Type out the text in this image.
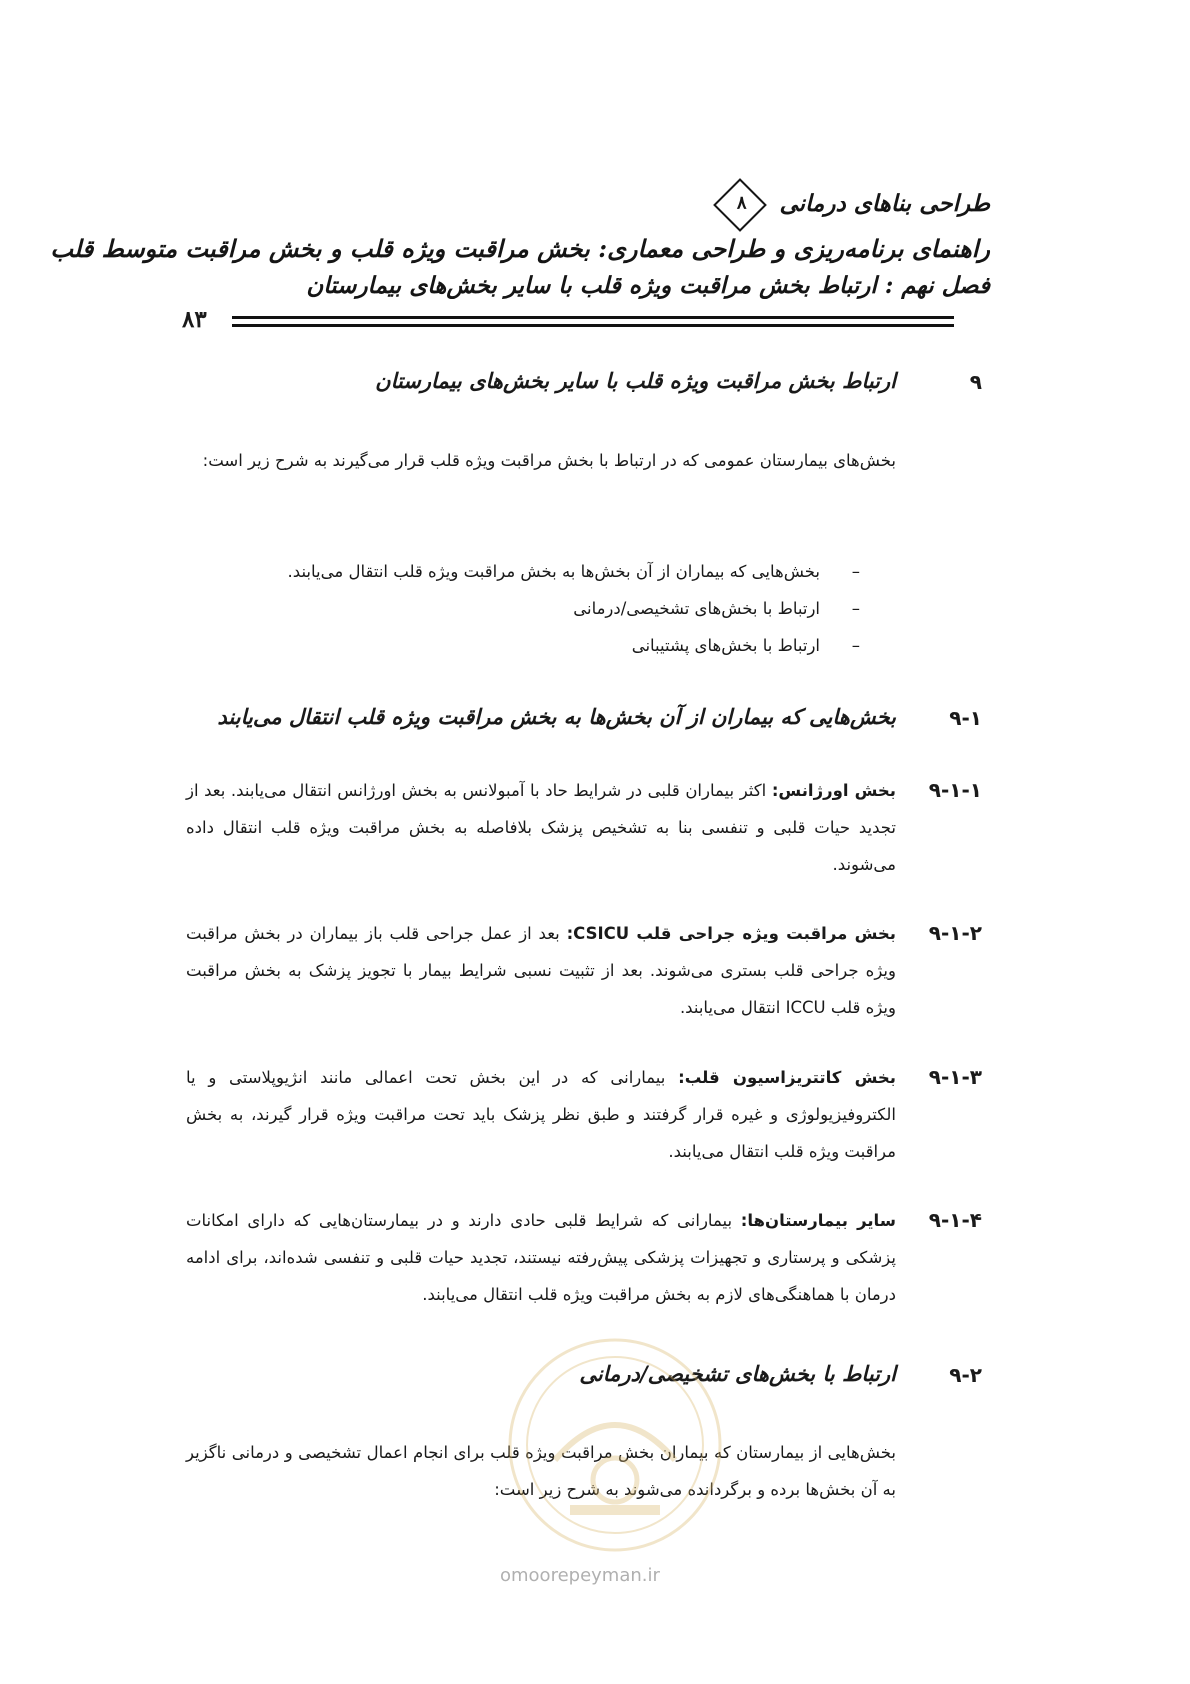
طراحی بناهای درمانی
۸
راهنمای برنامه‌ریزی و طراحی معماری: بخش مراقبت ویژه قلب و بخش مراقبت متوسط قلب
فصل نهم : ارتباط بخش مراقبت ویژه قلب با سایر بخش‌های بیمارستان
۸۳
۹
ارتباط بخش مراقبت ویژه قلب با سایر بخش‌های بیمارستان
بخش‌های بیمارستان عمومی که در ارتباط با بخش مراقبت ویژه قلب قرار می‌گیرند به شرح زیر است:
–
بخش‌هایی که بیماران از آن بخش‌ها به بخش مراقبت ویژه قلب انتقال می‌یابند.
–
ارتباط با بخش‌های تشخیصی/درمانی
–
ارتباط با بخش‌های پشتیبانی
۹-۱
بخش‌هایی که بیماران از آن بخش‌ها به بخش مراقبت ویژه قلب انتقال می‌یابند
۹-۱-۱
بخش اورژانس: اکثر بیماران قلبی در شرایط حاد با آمبولانس به بخش اورژانس انتقال می‌یابند. بعد از تجدید حیات قلبی و تنفسی بنا به تشخیص پزشک بلافاصله به بخش مراقبت ویژه قلب انتقال داده می‌شوند.
۹-۱-۲
بخش مراقبت ویژه جراحی قلب CSICU: بعد از عمل جراحی قلب باز بیماران در بخش مراقبت ویژه جراحی قلب بستری می‌شوند. بعد از تثبیت نسبی شرایط بیمار با تجویز پزشک به بخش مراقبت ویژه قلب ICCU انتقال می‌یابند.
۹-۱-۳
بخش کاتتریزاسیون قلب: بیمارانی که در این بخش تحت اعمالی مانند انژیوپلاستی و یا الکتروفیزیولوژی و غیره قرار گرفتند و طبق نظر پزشک باید تحت مراقبت ویژه قرار گیرند، به بخش مراقبت ویژه قلب انتقال می‌یابند.
۹-۱-۴
سایر بیمارستان‌ها: بیمارانی که شرایط قلبی حادی دارند و در بیمارستان‌هایی که دارای امکانات پزشکی و پرستاری و تجهیزات پزشکی پیش‌رفته نیستند، تجدید حیات قلبی و تنفسی شده‌اند، برای ادامه درمان با هماهنگی‌های لازم به بخش مراقبت ویژه قلب انتقال می‌یابند.
۹-۲
ارتباط با بخش‌های تشخیصی/درمانی
بخش‌هایی از بیمارستان که بیماران بخش مراقبت ویژه قلب برای انجام اعمال تشخیصی و درمانی ناگزیر به آن بخش‌ها برده و برگردانده می‌شوند به شرح زیر است:
omoorepeyman.ir
